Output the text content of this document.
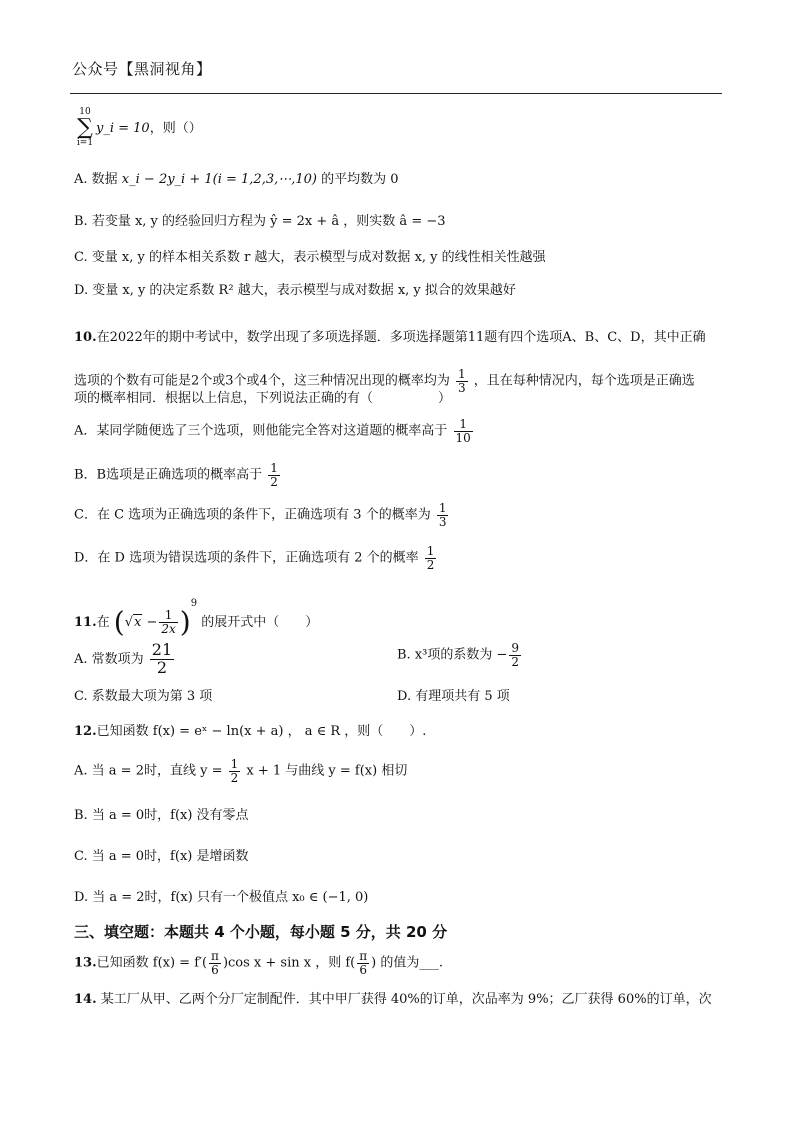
公众号【黑洞视角】
10
∑
i=1
y_i = 10，则（）
A. 数据 x_i − 2y_i + 1(i = 1,2,3,⋯,10) 的平均数为 0
B. 若变量 x, y 的经验回归方程为 ŷ = 2x + â ，则实数 â = −3
C. 变量 x, y 的样本相关系数 r 越大，表示模型与成对数据 x, y 的线性相关性越强
D. 变量 x, y 的决定系数 R² 越大，表示模型与成对数据 x, y 拟合的效果越好
10.在2022年的期中考试中，数学出现了多项选择题．多项选择题第11题有四个选项A、B、C、D，其中正确
选项的个数有可能是2个或3个或4个，这三种情况出现的概率均为 $\frac{1}{3}$ ，且在每种情况内，每个选项是正确选
项的概率相同．根据以上信息，下列说法正确的有（　　　　　）
A．某同学随便选了三个选项，则他能完全答对这道题的概率高于 $\frac{1}{10}$
B．B选项是正确选项的概率高于 $\frac{1}{2}$
C．在 C 选项为正确选项的条件下，正确选项有 3 个的概率为 $\frac{1}{3}$
D．在 D 选项为错误选项的条件下，正确选项有 2 个的概率 $\frac{1}{2}$
11.在 $(√x - \frac{1}{2x} )^9$ 的展开式中（　　）
A. 常数项为 $\frac{21}{2}$	B. x³项的系数为 − $\frac{9}{2}$
C. 系数最大项为第 3 项	D. 有理项共有 5 项
12.已知函数 f(x) = eˣ − ln(x + a) ， a ∈ R ，则（　　）.
A. 当 a = 2时，直线 $y = \frac{1}{2}$ x + 1 与曲线 y = f(x) 相切
B. 当 a = 0时，f(x) 没有零点
C. 当 a = 0时，f(x) 是增函数
D. 当 a = 2时，f(x) 只有一个极值点 x₀ ∈ (−1, 0)
三、填空题：本题共 4 个小题，每小题 5 分，共 20 分
13.已知函数 $f(x) = f'( \frac{\pi}{6} )\cos$ x + sin x ，则 $f( \frac{\pi}{6}$ ) 的值为___.
14. 某工厂从甲、乙两个分厂定制配件．其中甲厂获得 40%的订单，次品率为 9%；乙厂获得 60%的订单，次
